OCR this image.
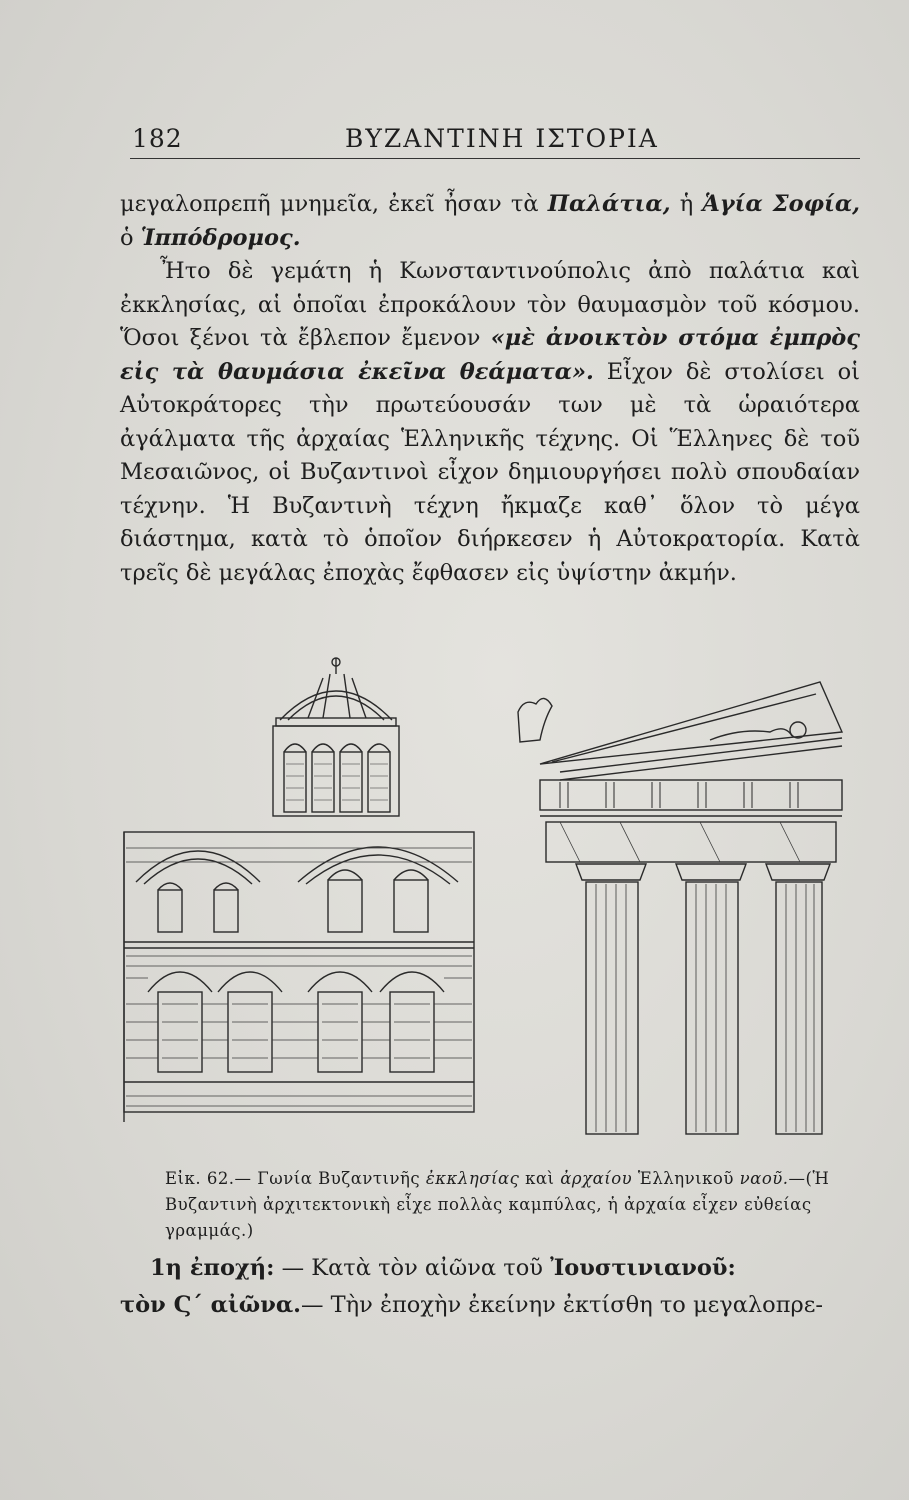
182	ΒΥΖΑΝΤΙΝΗ ΙΣΤΟΡΙΑ

μεγαλοπρεπῆ μνημεῖα, ἐκεῖ ἦσαν τὰ Παλάτια, ἡ Ἁγία Σοφία, ὁ Ἱππόδρομος.

Ἦτο δὲ γεμάτη ἡ Κωνσταντινούπολις ἀπὸ παλάτια καὶ ἐκκλησίας, αἱ ὁποῖαι ἐπροκάλουν τὸν θαυμασμὸν τοῦ κόσμου. Ὅσοι ξένοι τὰ ἔβλεπον ἔμενον «μὲ ἀνοικτὸν στόμα ἐμπρὸς εἰς τὰ θαυμάσια ἐκεῖνα θεάματα». Εἶχον δὲ στολίσει οἱ Αὐτοκράτορες τὴν πρωτεύουσάν των μὲ τὰ ὡραιότερα ἀγάλματα τῆς ἀρχαίας Ἑλληνικῆς τέχνης. Οἱ Ἕλληνες δὲ τοῦ Μεσαιῶνος, οἱ Βυζαντινοὶ εἶχον δημιουργήσει πολὺ σπουδαίαν τέχνην. Ἡ Βυζαντινὴ τέχνη ἤκμαζε καθ᾽ ὅλον τὸ μέγα διάστημα, κατὰ τὸ ὁποῖον διήρκεσεν ἡ Αὐτοκρατορία. Κατὰ τρεῖς δὲ μεγάλας ἐποχὰς ἔφθασεν εἰς ὑψίστην ἀκμήν.

Εἰκ. 62.— Γωνία Βυζαντινῆς ἐκκλησίας καὶ ἀρχαίου Ἑλληνικοῦ ναοῦ.—(Ἡ Βυζαντινὴ ἀρχιτεκτονικὴ εἶχε πολλὰς καμπύλας, ἡ ἀρχαία εἶχεν εὐθείας γραμμάς.)

1η ἐποχή: — Κατὰ τὸν αἰῶνα τοῦ Ἰουστινιανοῦ:

τὸν Ϛ΄ αἰῶνα.— Τὴν ἐποχὴν ἐκείνην ἐκτίσθη το μεγαλοπρε-
